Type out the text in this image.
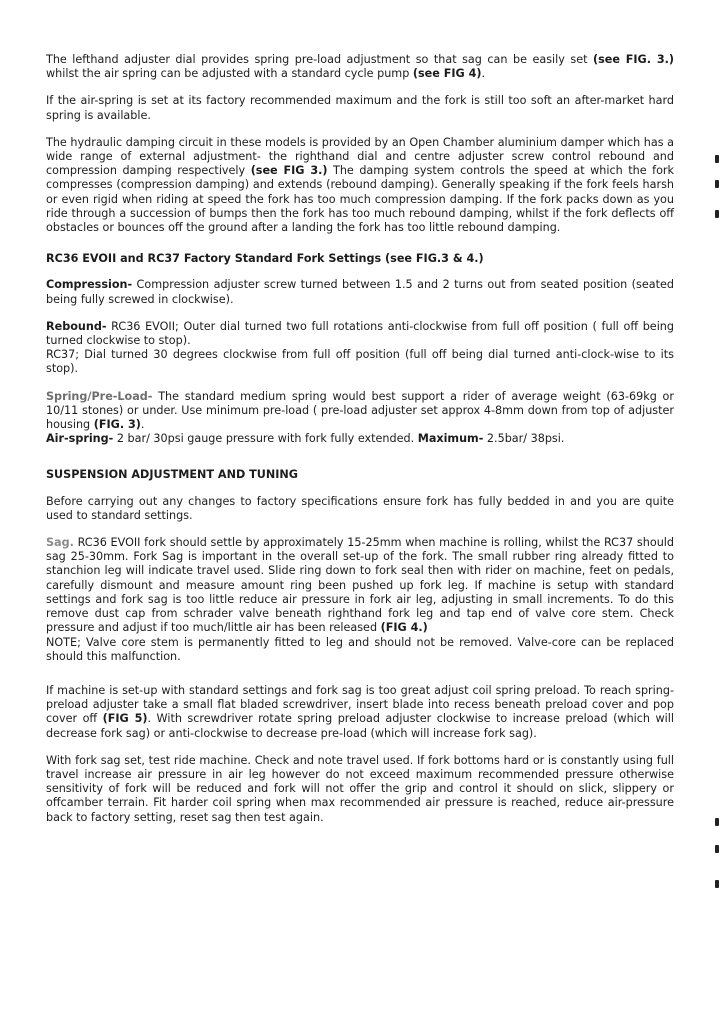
The lefthand adjuster dial provides spring pre-load adjustment so that sag can be easily set (see FIG. 3.) whilst the air spring can be adjusted with a standard cycle pump (see FIG 4).

If the air-spring is set at its factory recommended maximum and the fork is still too soft an after-market hard spring is available.

The hydraulic damping circuit in these models is provided by an Open Chamber aluminium damper which has a wide range of external adjustment- the righthand dial and centre adjuster screw control rebound and compression damping respectively (see FIG 3.) The damping system controls the speed at which the fork compresses (compression damping) and extends (rebound damping). Generally speaking if the fork feels harsh or even rigid when riding at speed the fork has too much compression damping. If the fork packs down as you ride through a succession of bumps then the fork has too much rebound damping, whilst if the fork deflects off obstacles or bounces off the ground after a landing the fork has too little rebound damping.

RC36 EVOII and RC37 Factory Standard Fork Settings (see FIG.3 & 4.)

Compression- Compression adjuster screw turned between 1.5 and 2 turns out from seated position (seated being fully screwed in clockwise).

Rebound- RC36 EVOII; Outer dial turned two full rotations anti-clockwise from full off position ( full off being turned clockwise to stop).

RC37; Dial turned 30 degrees clockwise from full off position (full off being dial turned anti-clock-wise to its stop).

Spring/Pre-Load- The standard medium spring would best support a rider of average weight (63-69kg or 10/11 stones) or under. Use minimum pre-load ( pre-load adjuster set approx 4-8mm down from top of adjuster housing (FIG. 3).

Air-spring- 2 bar/ 30psi gauge pressure with fork fully extended. Maximum- 2.5bar/ 38psi.

SUSPENSION ADJUSTMENT AND TUNING

Before carrying out any changes to factory specifications ensure fork has fully bedded in and you are quite used to standard settings.

Sag. RC36 EVOII fork should settle by approximately 15-25mm when machine is rolling, whilst the RC37 should sag 25-30mm. Fork Sag is important in the overall set-up of the fork. The small rubber ring already fitted to stanchion leg will indicate travel used. Slide ring down to fork seal then with rider on machine, feet on pedals, carefully dismount and measure amount ring been pushed up fork leg. If machine is setup with standard settings and fork sag is too little reduce air pressure in fork air leg, adjusting in small increments. To do this remove dust cap from schrader valve beneath righthand fork leg and tap end of valve core stem. Check pressure and adjust if too much/little air has been released (FIG 4.)

NOTE; Valve core stem is permanently fitted to leg and should not be removed. Valve-core can be replaced should this malfunction.

If machine is set-up with standard settings and fork sag is too great adjust coil spring preload. To reach spring-preload adjuster take a small flat bladed screwdriver, insert blade into recess beneath preload cover and pop cover off (FIG 5). With screwdriver rotate spring preload adjuster clockwise to increase preload (which will decrease fork sag) or anti-clockwise to decrease pre-load (which will increase fork sag).

With fork sag set, test ride machine. Check and note travel used. If fork bottoms hard or is constantly using full travel increase air pressure in air leg however do not exceed maximum recommended pressure otherwise sensitivity of fork will be reduced and fork will not offer the grip and control it should on slick, slippery or offcamber terrain. Fit harder coil spring when max recommended air pressure is reached, reduce air-pressure back to factory setting, reset sag then test again.
